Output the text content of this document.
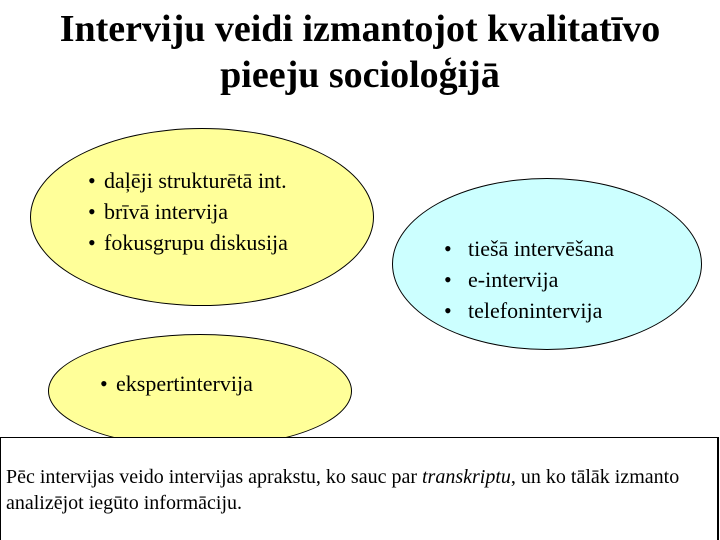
Interviju veidi izmantojot kvalitatīvo
pieeju socioloģijā
• daļēji strukturētā int.
• brīvā intervija
• fokusgrupu diskusija	• tiešā intervēšana
• e-intervija
• telefonintervija
• ekspertintervija
Pēc intervijas veido intervijas aprakstu, ko sauc par transkriptu, un ko tālāk izmanto analizējot iegūto informāciju.
